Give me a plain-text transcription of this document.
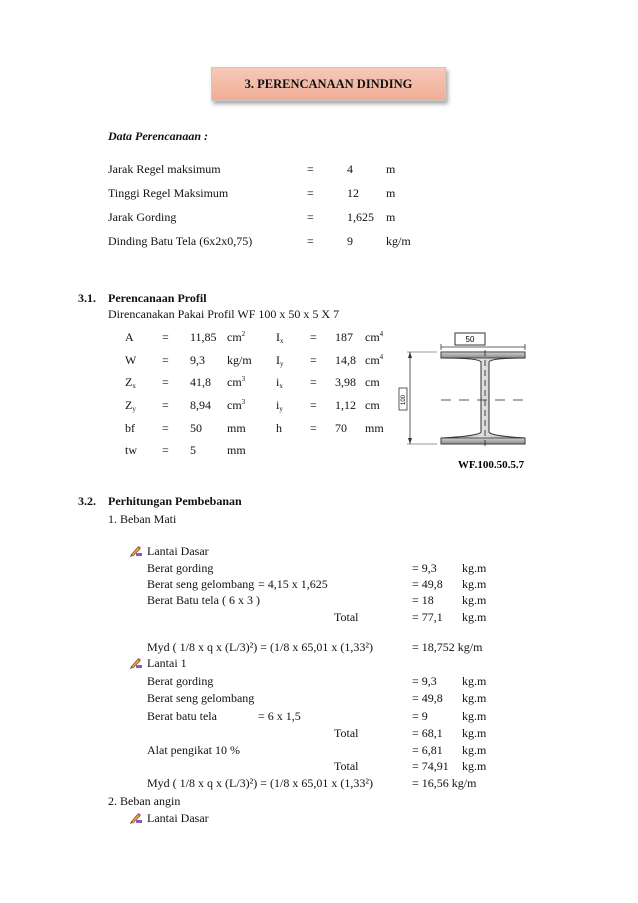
3. PERENCANAAN DINDING
Data Perencanaan :
Jarak Regel maksimum	=	4	m
Tinggi Regel Maksimum	=	12 m
Jarak Gording	=	1,625 m
Dinding Batu Tela (6x2x0,75)	=	9	kg/m
3.1. Perencanaan Profil
Direncanakan Pakai Profil WF 100 x 50 x 5 X 7
A = 11,85 $cm^2$	$I_x = 187$ $cm^4$
W = 9,3 kg/m $I_y = 14,8$ $cm^4$
$Z_x = 41,8$ $cm^3$	$i_x = 3,98$ cm
$Z_y = 8,94$ $cm^3$	$i_y = 1,12$ cm
bf = 50 mm	h = 70 mm
tw = 5	mm
50
100
WF.100.50.5.7
3.2. Perhitungan Pembebanan
1. Beban Mati
Lantai Dasar
Berat gording	= 9,3 kg.m
Berat seng gelombang = 4,15 x 1,625	= 49,8 kg.m
Berat Batu tela ( 6 x 3 )	= 18 kg.m
Total	= 77,1 kg.m
Myd ( 1/8 x q x (L/3)²) = (1/8 x 65,01 x (1,33²)	= 18,752 kg/m
Lantai 1
Berat gording	= 9,3 kg.m
Berat seng gelombang	= 49,8 kg.m
Berat batu tela	= 6 x 1,5	= 9	kg.m
Total	= 68,1 kg.m
Alat pengikat 10 %	= 6,81 kg.m
Total	= 74,91 kg.m
Myd ( 1/8 x q x (L/3)²) = (1/8 x 65,01 x (1,33²)	= 16,56 kg/m
Lantai Dasar
2. Beban angin
